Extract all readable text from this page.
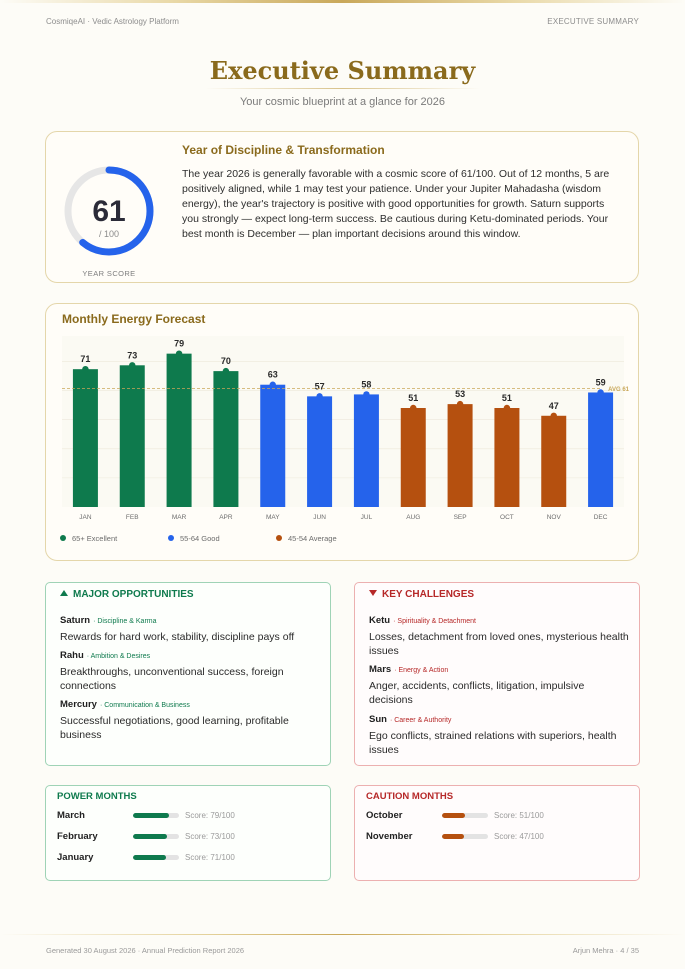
CosmiqeAI · Vedic Astrology Platform	EXECUTIVE SUMMARY
Executive Summary
Your cosmic blueprint at a glance for 2026
61
/ 100
YEAR SCORE
Year of Discipline & Transformation
The year 2026 is generally favorable with a cosmic score of 61/100. Out of 12 months, 5 are positively aligned, while 1 may test your patience. Under your Jupiter Mahadasha (wisdom energy), the year's trajectory is positive with good opportunities for growth. Saturn supports you strongly — expect long-term success. Be cautious during Ketu-dominated periods. Your best month is December — plan important decisions around this window.
Monthly Energy Forecast
71
JAN
73
FEB
79
MAR
70
APR
63
MAY
57
JUN
58
JUL
51
AUG
53
SEP
51
OCT
47
NOV
59
DEC
AVG 61
65+ Excellent	55-64 Good	45-54 Average
MAJOR OPPORTUNITIES
Saturn · Discipline & Karma
Rewards for hard work, stability, discipline pays off
Rahu · Ambition & Desires
Breakthroughs, unconventional success, foreign connections
Mercury · Communication & Business
Successful negotiations, good learning, profitable business
KEY CHALLENGES
Ketu · Spirituality & Detachment
Losses, detachment from loved ones, mysterious health issues
Mars · Energy & Action
Anger, accidents, conflicts, litigation, impulsive decisions
Sun · Career & Authority
Ego conflicts, strained relations with superiors, health issues
POWER MONTHS
March	Score: 79/100
February	Score: 73/100
January	Score: 71/100
CAUTION MONTHS
October	Score: 51/100
November	Score: 47/100
Generated 30 August 2026 · Annual Prediction Report 2026	Arjun Mehra · 4 / 35
